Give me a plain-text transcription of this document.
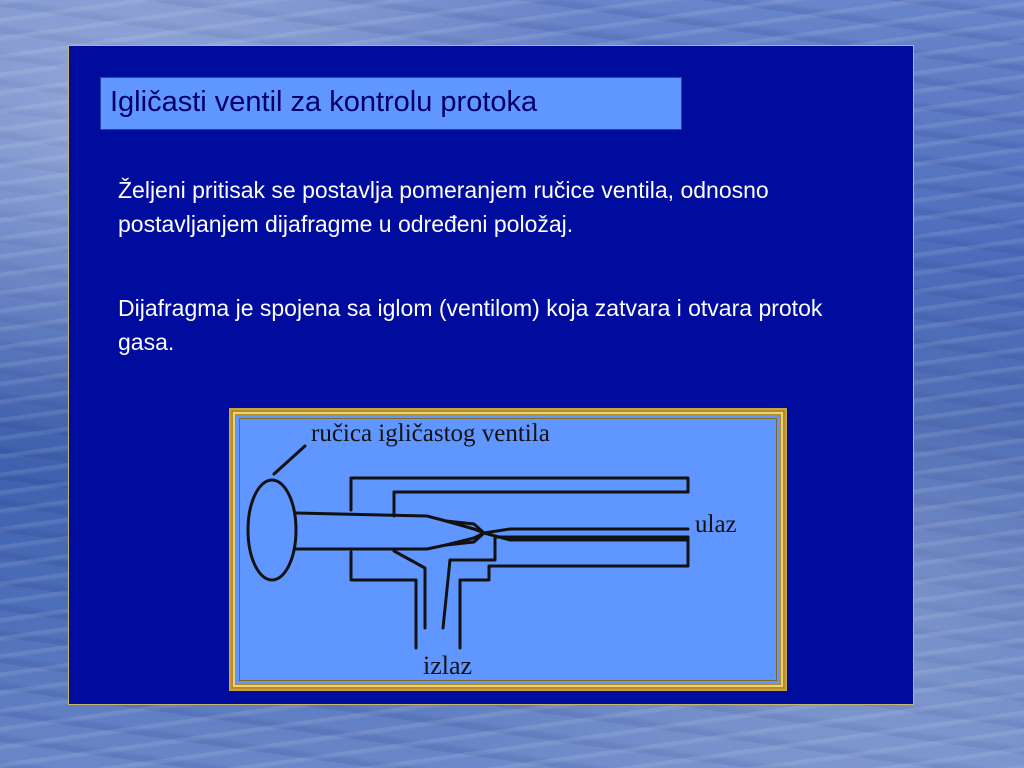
Igličasti ventil za kontrolu protoka
Željeni pritisak se postavlja pomeranjem ručice ventila, odnosno postavljanjem dijafragme u određeni položaj.
Dijafragma je spojena sa iglom (ventilom) koja zatvara i otvara protok gasa.
ručica igličastog ventila
ulaz
izlaz
